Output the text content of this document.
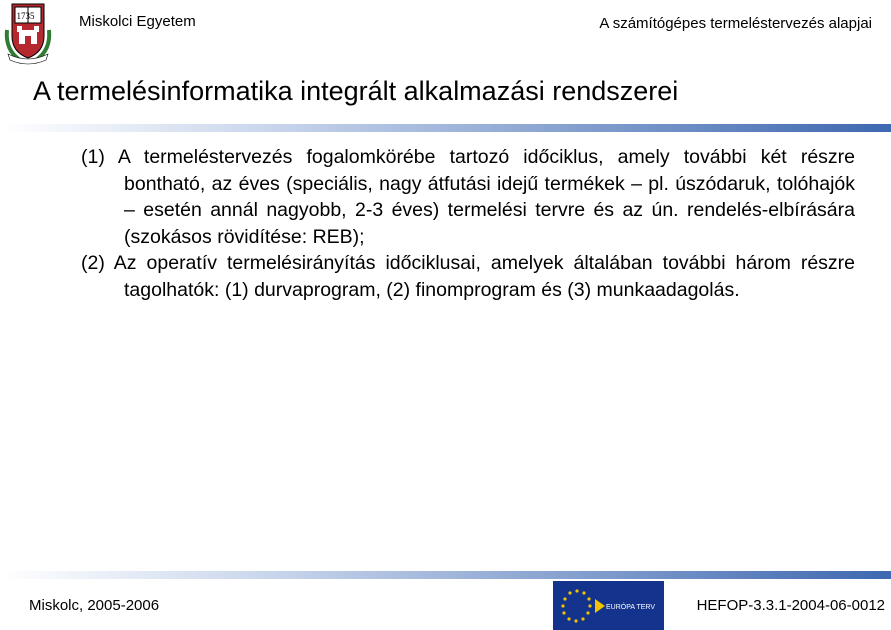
1735	Miskolci Egyetem	A számítógépes termeléstervezés alapjai
A termelésinformatika integrált alkalmazási rendszerei

(1) A termeléstervezés fogalomkörébe tartozó időciklus, amely további két részre bontható, az éves (speciális, nagy átfutási idejű termékek – pl. úszódaruk, tolóhajók – esetén annál nagyobb, 2-3 éves) termelési tervre és az ún. rendelés-elbírására (szokásos rövidítése: REB);

(2) Az operatív termelésirányítás időciklusai, amelyek általában további három részre tagolhatók: (1) durvaprogram, (2) finomprogram és (3) munkaadagolás.

Miskolc, 2005-2006	EURÓPA TERV	HEFOP-3.3.1-2004-06-0012
